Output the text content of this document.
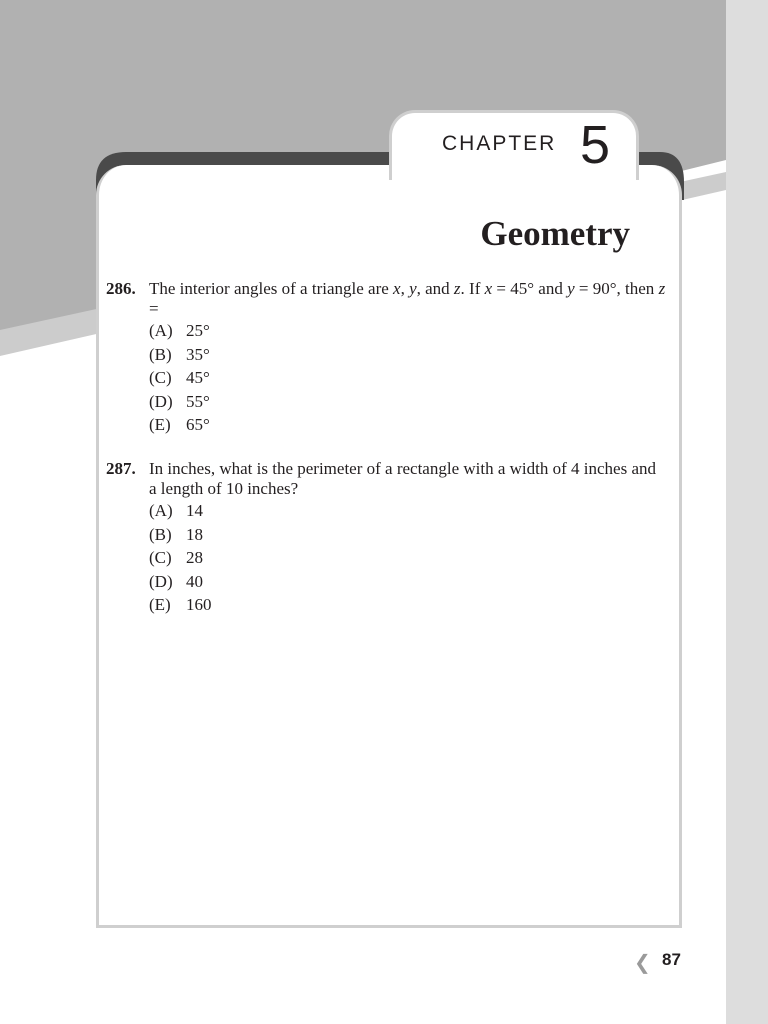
CHAPTER 5
Geometry
286. The interior angles of a triangle are x, y, and z. If x = 45° and y = 90°, then z =
(A) 25°
(B) 35°
(C) 45°
(D) 55°
(E) 65°
287. In inches, what is the perimeter of a rectangle with a width of 4 inches and a length of 10 inches?
(A) 14
(B) 18
(C) 28
(D) 40
(E) 160
❮ 87
